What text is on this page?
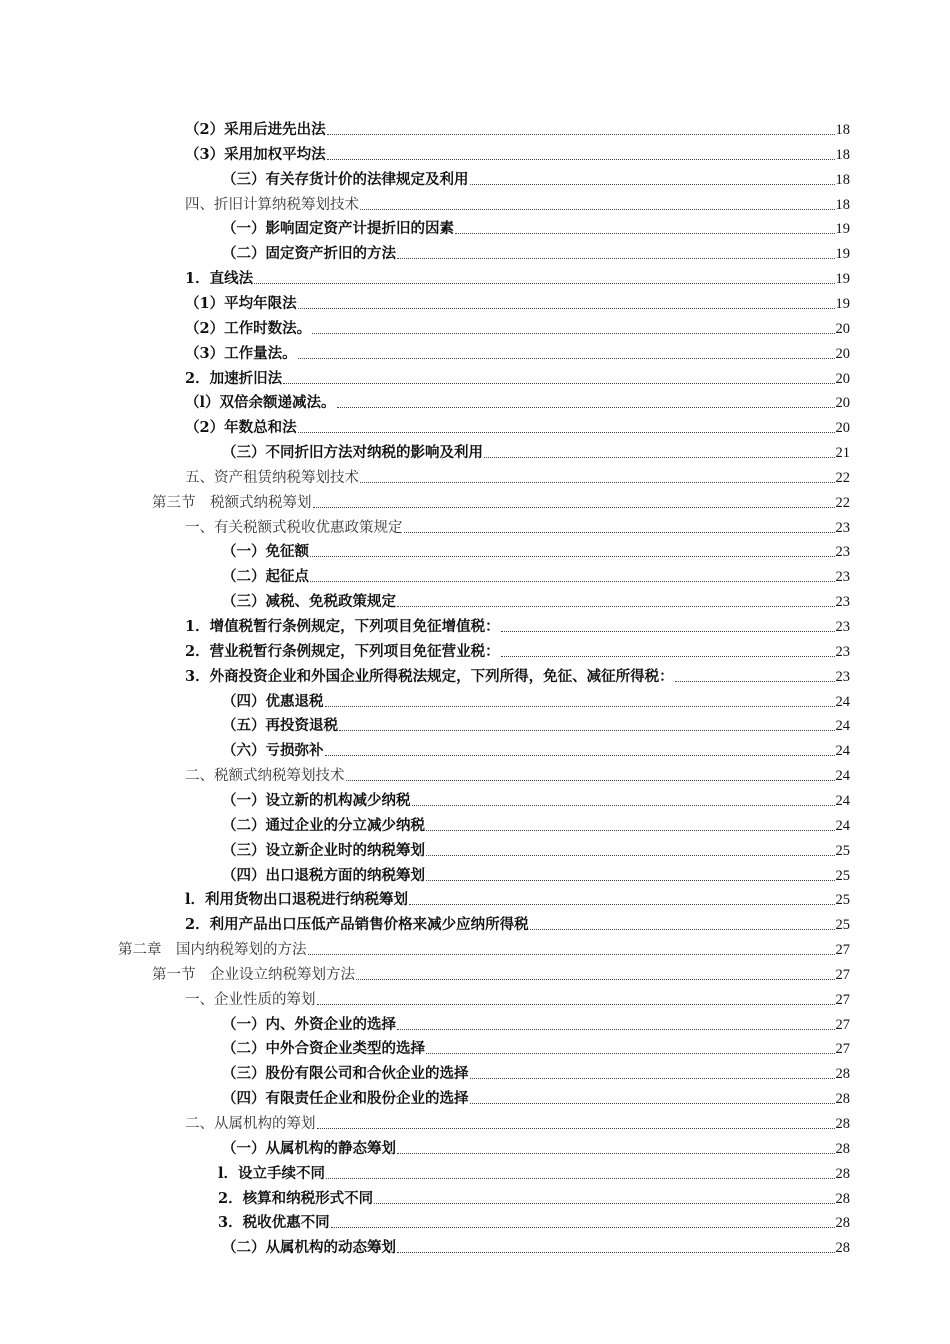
（2）采用后进先出法	18
（3）采用加权平均法	18
（三）有关存货计价的法律规定及利用	18
四、折旧计算纳税筹划技术	18
（一）影响固定资产计提折旧的因素	19
（二）固定资产折旧的方法	19
1．直线法	19
（1）平均年限法	19
（2）工作时数法。	20
（3）工作量法。	20
2．加速折旧法	20
（l）双倍余额递减法。	20
（2）年数总和法	20
（三）不同折旧方法对纳税的影响及利用	21
五、资产租赁纳税筹划技术	22
第三节　税额式纳税筹划	22
一、有关税额式税收优惠政策规定	23
（一）免征额	23
（二）起征点	23
（三）减税、免税政策规定	23
1．增值税暂行条例规定，下列项目免征增值税：	23
2．营业税暂行条例规定，下列项目免征营业税：	23
3．外商投资企业和外国企业所得税法规定，下列所得，免征、减征所得税：	23
（四）优惠退税	24
（五）再投资退税	24
（六）亏损弥补	24
二、税额式纳税筹划技术	24
（一）设立新的机构减少纳税	24
（二）通过企业的分立减少纳税	24
（三）设立新企业时的纳税筹划	25
（四）出口退税方面的纳税筹划	25
l．利用货物出口退税进行纳税筹划	25
2．利用产品出口压低产品销售价格来减少应纳所得税	25
第二章　国内纳税筹划的方法	27
第一节　企业设立纳税筹划方法	27
一、企业性质的筹划	27
（一）内、外资企业的选择	27
（二）中外合资企业类型的选择	27
（三）股份有限公司和合伙企业的选择	28
（四）有限责任企业和股份企业的选择	28
二、从属机构的筹划	28
（一）从属机构的静态筹划	28
l．设立手续不同	28
2．核算和纳税形式不同	28
3．税收优惠不同	28
（二）从属机构的动态筹划	28
